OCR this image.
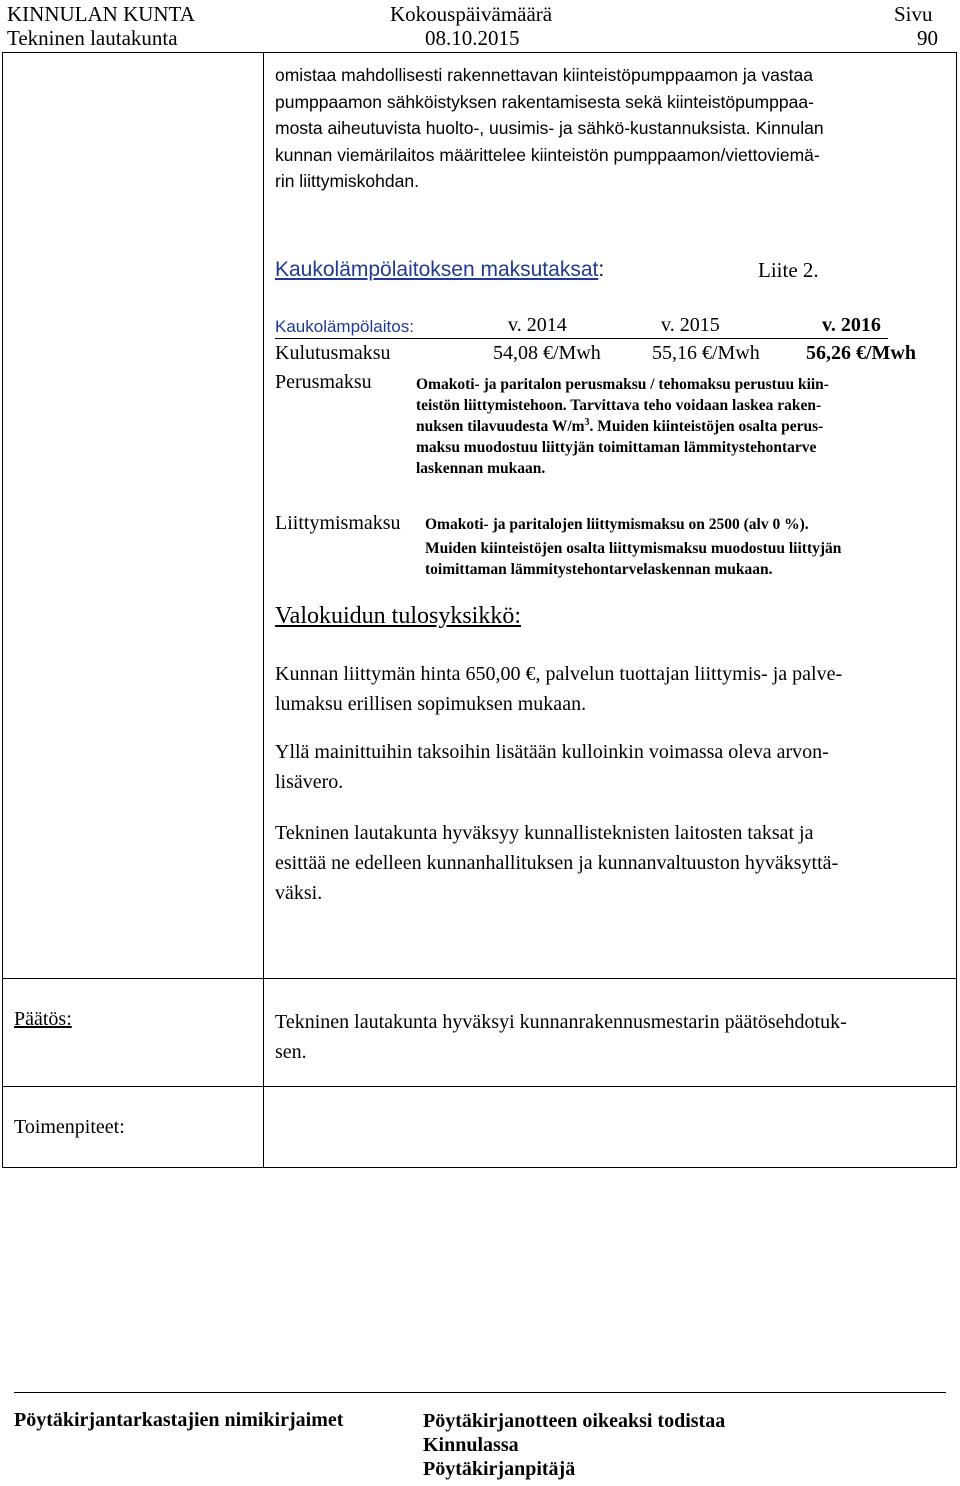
KINNULAN KUNTA
Tekninen lautakunta
Kokouspäivämäärä
08.10.2015
Sivu
90
omistaa mahdollisesti rakennettavan kiinteistöpumppaamon ja vastaa
pumppaamon sähköistyksen rakentamisesta sekä kiinteistöpumppaa-
mosta aiheutuvista huolto-, uusimis- ja sähkö-kustannuksista. Kinnulan
kunnan viemärilaitos määrittelee kiinteistön pumppaamon/viettoviemä-
rin liittymiskohdan.
Kaukolämpölaitoksen maksutaksat:	Liite 2.
Kaukolämpölaitos:	v. 2014	v. 2015	v. 2016
Kulutusmaksu	54,08 €/Mwh	55,16 €/Mwh 56,26 €/Mwh
Perusmaksu	Omakoti- ja paritalon perusmaksu / tehomaksu perustuu kiin-
teistön liittymistehoon. Tarvittava teho voidaan laskea raken-
nuksen tilavuudesta $W/m^3$. Muiden kiinteistöjen osalta perus-
maksu muodostuu liittyjän toimittaman lämmitystehontarve
laskennan mukaan.
Liittymismaksu Omakoti- ja paritalojen liittymismaksu on 2500 (alv 0 %).
Muiden kiinteistöjen osalta liittymismaksu muodostuu liittyjän
toimittaman lämmitystehontarvelaskennan mukaan.
Valokuidun tulosyksikkö:
Kunnan liittymän hinta 650,00 €, palvelun tuottajan liittymis- ja palve-
lumaksu erillisen sopimuksen mukaan.
Yllä mainittuihin taksoihin lisätään kulloinkin voimassa oleva arvon-
lisävero.
Tekninen lautakunta hyväksyy kunnallisteknisten laitosten taksat ja
esittää ne edelleen kunnanhallituksen ja kunnanvaltuuston hyväksyttä-
väksi.
Päätös:	Tekninen lautakunta hyväksyi kunnanrakennusmestarin päätösehdotuk-
sen.
Toimenpiteet:
Pöytäkirjantarkastajien nimikirjaimet	Pöytäkirjanotteen oikeaksi todistaa
Kinnulassa
Pöytäkirjanpitäjä
